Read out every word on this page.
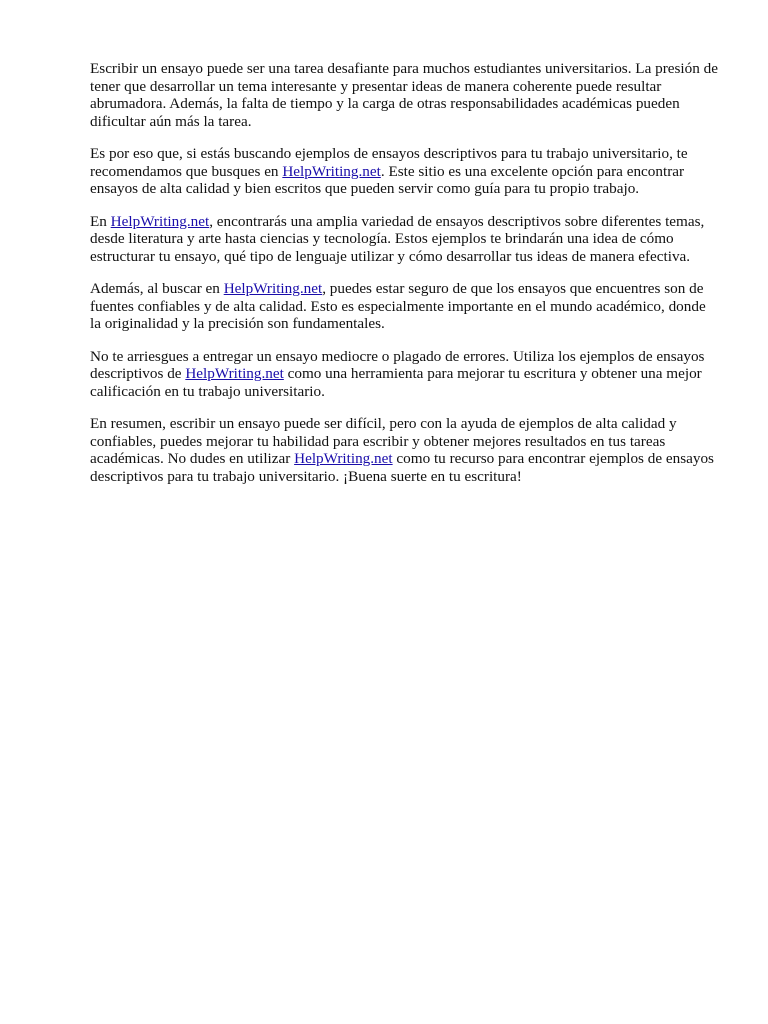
Escribir un ensayo puede ser una tarea desafiante para muchos estudiantes universitarios. La presión de tener que desarrollar un tema interesante y presentar ideas de manera coherente puede resultar abrumadora. Además, la falta de tiempo y la carga de otras responsabilidades académicas pueden dificultar aún más la tarea.

Es por eso que, si estás buscando ejemplos de ensayos descriptivos para tu trabajo universitario, te recomendamos que busques en HelpWriting.net. Este sitio es una excelente opción para encontrar ensayos de alta calidad y bien escritos que pueden servir como guía para tu propio trabajo.

En HelpWriting.net, encontrarás una amplia variedad de ensayos descriptivos sobre diferentes temas, desde literatura y arte hasta ciencias y tecnología. Estos ejemplos te brindarán una idea de cómo estructurar tu ensayo, qué tipo de lenguaje utilizar y cómo desarrollar tus ideas de manera efectiva.

Además, al buscar en HelpWriting.net, puedes estar seguro de que los ensayos que encuentres son de fuentes confiables y de alta calidad. Esto es especialmente importante en el mundo académico, donde la originalidad y la precisión son fundamentales.

No te arriesgues a entregar un ensayo mediocre o plagado de errores. Utiliza los ejemplos de ensayos descriptivos de HelpWriting.net como una herramienta para mejorar tu escritura y obtener una mejor calificación en tu trabajo universitario.

En resumen, escribir un ensayo puede ser difícil, pero con la ayuda de ejemplos de alta calidad y confiables, puedes mejorar tu habilidad para escribir y obtener mejores resultados en tus tareas académicas. No dudes en utilizar HelpWriting.net como tu recurso para encontrar ejemplos de ensayos descriptivos para tu trabajo universitario. ¡Buena suerte en tu escritura!
